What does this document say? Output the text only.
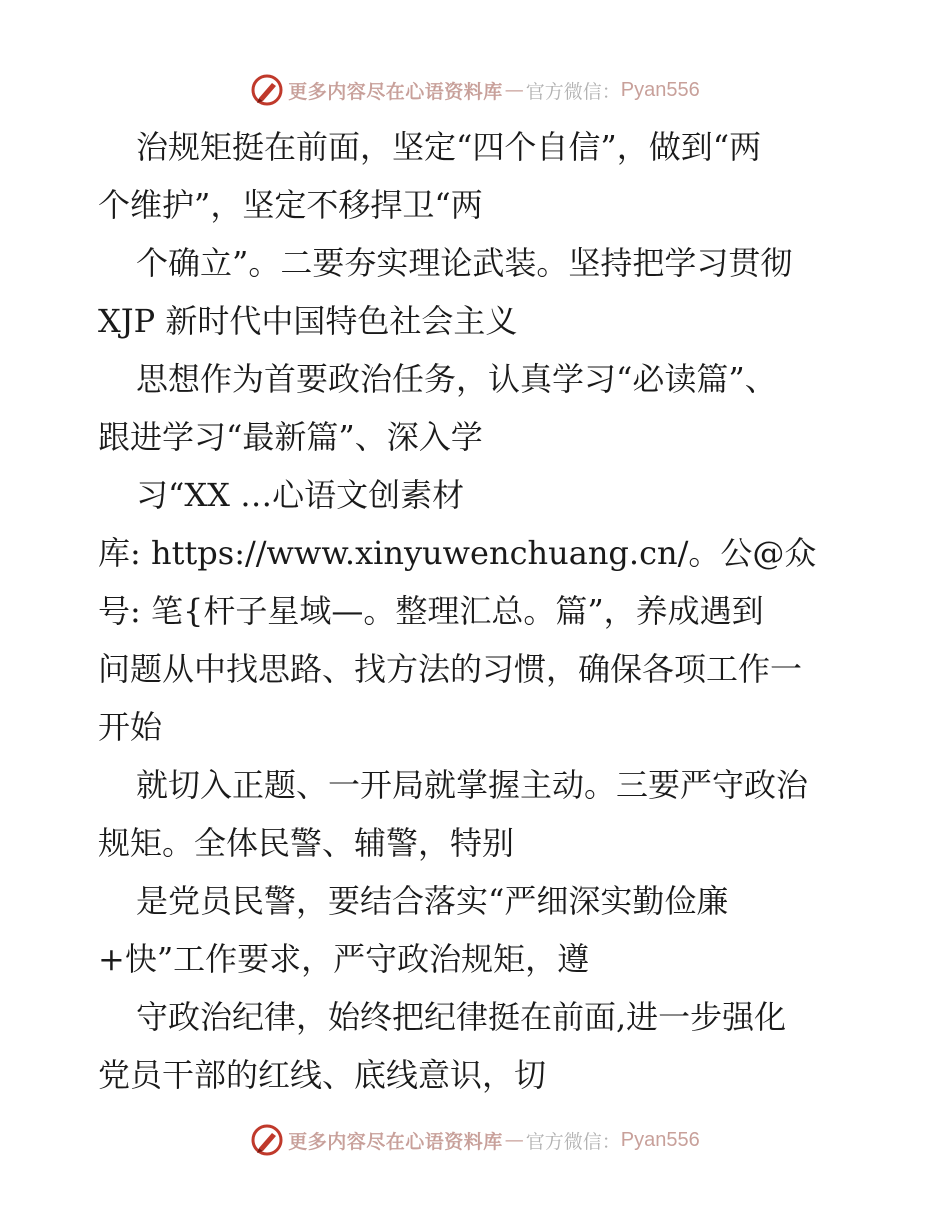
更多内容尽在心语资料库 — 官方微信： Pyan556
治规矩挺在前面，坚定“四个自信”，做到“两
个维护”，坚定不移捍卫“两
个确立”。二要夯实理论武装。坚持把学习贯彻
XJP 新时代中国特色社会主义
思想作为首要政治任务，认真学习“必读篇”、
跟进学习“最新篇”、深入学
习“XX …心语文创素材
库: https://www.xinyuwenchuang.cn/。公@众
号: 笔{杆子星域—。整理汇总。篇”，养成遇到
问题从中找思路、找方法的习惯，确保各项工作一
开始
就切入正题、一开局就掌握主动。三要严守政治
规矩。全体民警、辅警，特别
是党员民警，要结合落实“严细深实勤俭廉
+快”工作要求，严守政治规矩，遵
守政治纪律，始终把纪律挺在前面,进一步强化
党员干部的红线、底线意识，切
更多内容尽在心语资料库 — 官方微信： Pyan556
